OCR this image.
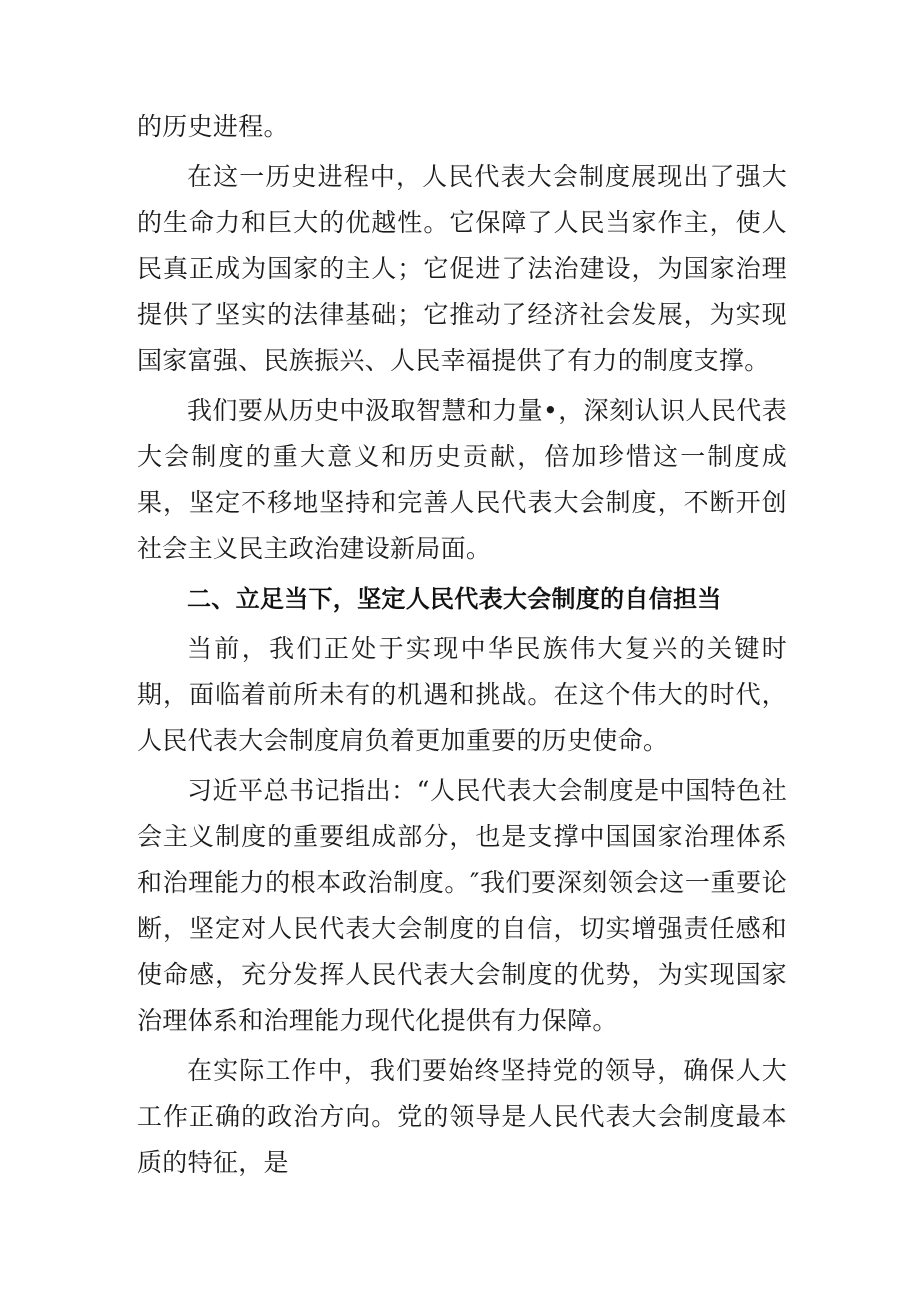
的历史进程。

在这一历史进程中，人民代表大会制度展现出了强大的生命力和巨大的优越性。它保障了人民当家作主，使人民真正成为国家的主人；它促进了法治建设，为国家治理提供了坚实的法律基础；它推动了经济社会发展，为实现国家富强、民族振兴、人民幸福提供了有力的制度支撑。

我们要从历史中汲取智慧和力量•，深刻认识人民代表大会制度的重大意义和历史贡献，倍加珍惜这一制度成果，坚定不移地坚持和完善人民代表大会制度，不断开创社会主义民主政治建设新局面。

二、立足当下，坚定人民代表大会制度的自信担当

当前，我们正处于实现中华民族伟大复兴的关键时期，面临着前所未有的机遇和挑战。在这个伟大的时代，人民代表大会制度肩负着更加重要的历史使命。

习近平总书记指出：“人民代表大会制度是中国特色社会主义制度的重要组成部分，也是支撑中国国家治理体系和治理能力的根本政治制度。″我们要深刻领会这一重要论断，坚定对人民代表大会制度的自信，切实增强责任感和使命感，充分发挥人民代表大会制度的优势，为实现国家治理体系和治理能力现代化提供有力保障。

在实际工作中，我们要始终坚持党的领导，确保人大工作正确的政治方向。党的领导是人民代表大会制度最本质的特征，是
